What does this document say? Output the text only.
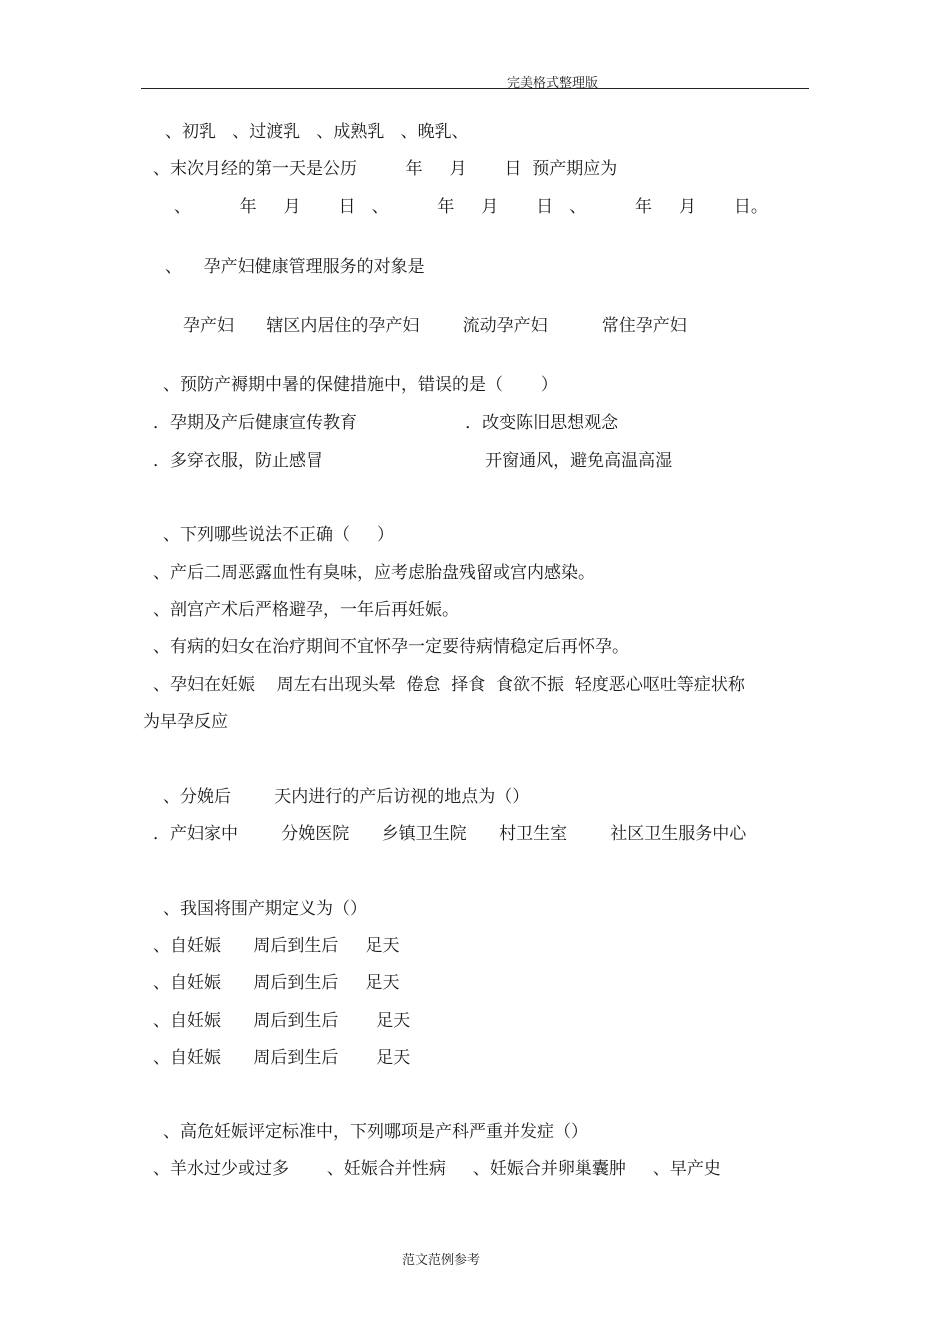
完美格式整理版
、初乳   、过渡乳   、成熟乳   、晚乳、
、末次月经的第一天是公历         年     月       日  预产期应为
、         年     月       日   、         年     月       日   、         年     月       日。
、    孕产妇健康管理服务的对象是
孕产妇      辖区内居住的孕产妇        流动孕产妇          常住孕产妇
、预防产褥期中暑的保健措施中，错误的是（       ）
．孕期及产后健康宣传教育                    ．改变陈旧思想观念
．多穿衣服，防止感冒                              开窗通风，避免高温高湿
、下列哪些说法不正确（     ）
、产后二周恶露血性有臭味，应考虑胎盘残留或宫内感染。
、剖宫产术后严格避孕，一年后再妊娠。
、有病的妇女在治疗期间不宜怀孕一定要待病情稳定后再怀孕。
、孕妇在妊娠    周左右出现头晕  倦怠  择食  食欲不振  轻度恶心呕吐等症状称
为早孕反应
、分娩后        天内进行的产后访视的地点为（）
．产妇家中        分娩医院      乡镇卫生院      村卫生室        社区卫生服务中心
、我国将围产期定义为（）
、自妊娠      周后到生后     足天
、自妊娠      周后到生后     足天
、自妊娠      周后到生后       足天
、自妊娠      周后到生后       足天
、高危妊娠评定标准中，下列哪项是产科严重并发症（）
、羊水过少或过多       、妊娠合并性病     、妊娠合并卵巢囊肿     、早产史
范文范例参考
